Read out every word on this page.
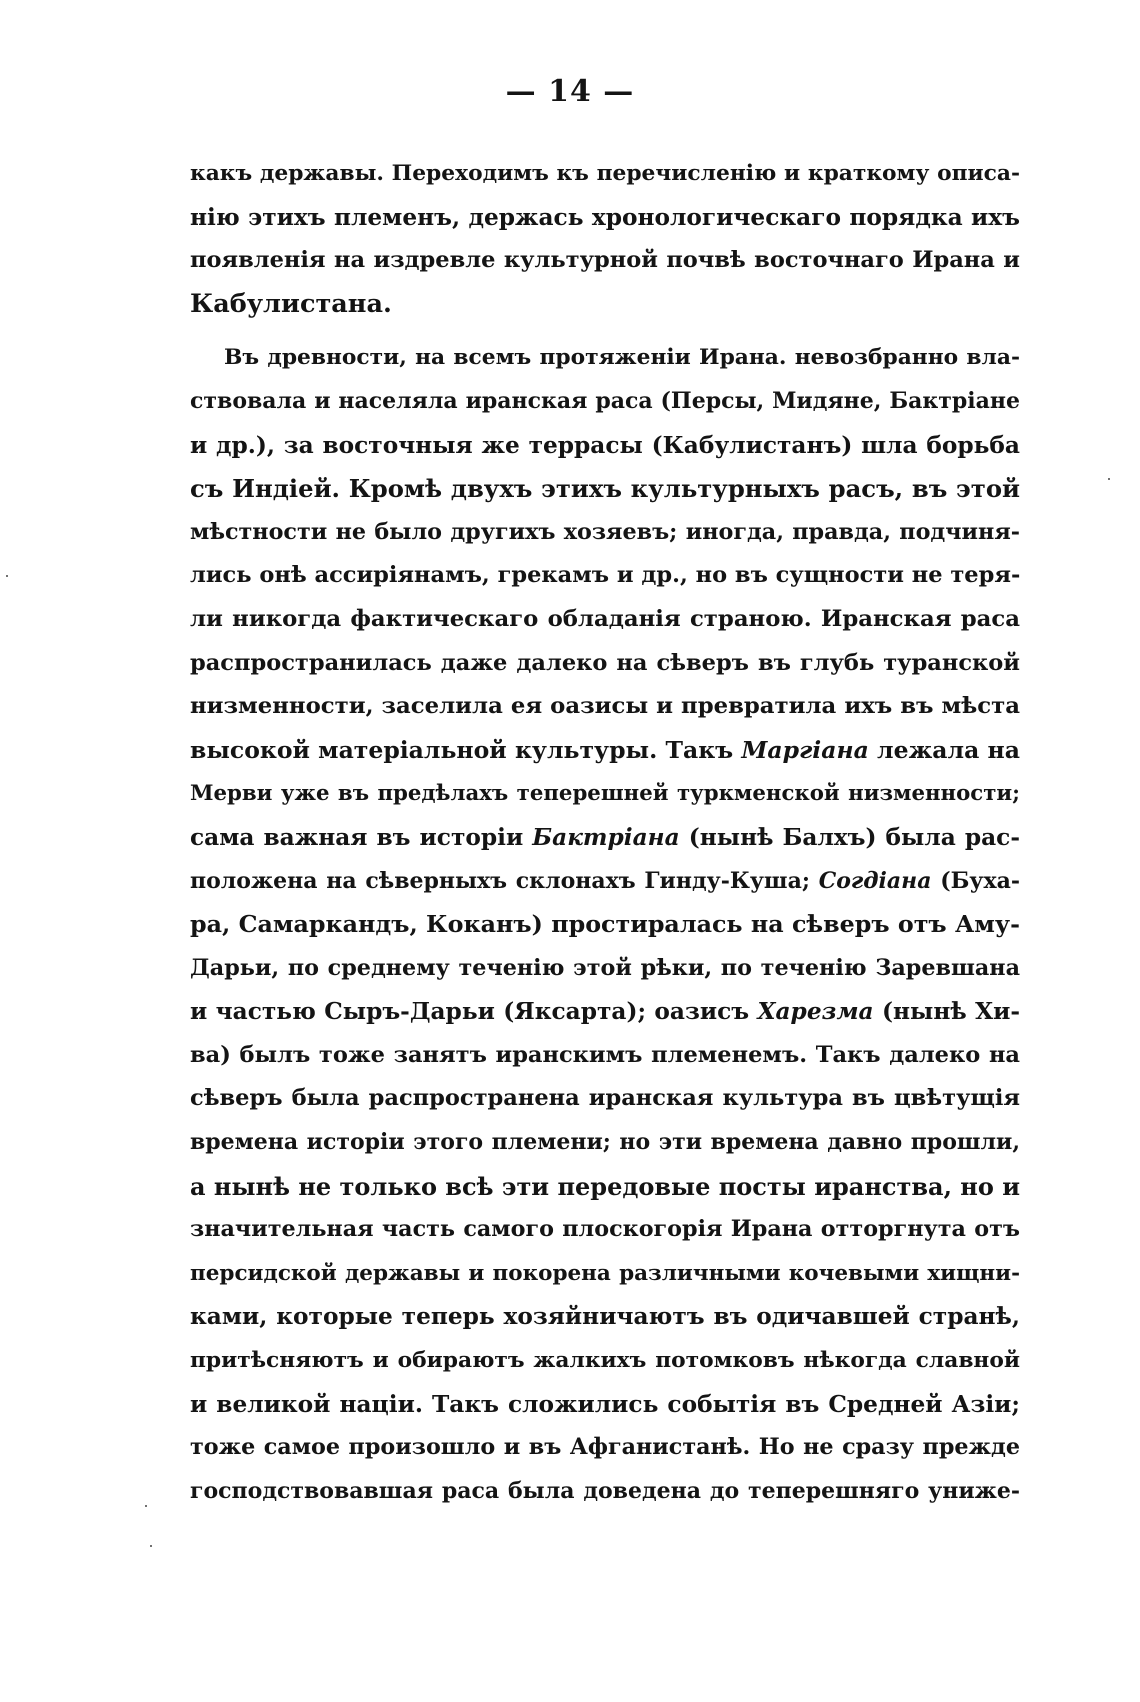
— 14 —
какъ державы. Переходимъ къ перечисленію и краткому описа-
нію этихъ племенъ, держась хронологическаго порядка ихъ
появленія на издревле культурной почвѣ восточнаго Ирана и
Кабулистана.
Въ древности, на всемъ протяженіи Ирана. невозбранно вла-
ствовала и населяла иранская раса (Персы, Мидяне, Бактріане
и др.), за восточныя же террасы (Кабулистанъ) шла борьба
съ Индіей. Кромѣ двухъ этихъ культурныхъ расъ, въ этой
мѣстности не было другихъ хозяевъ; иногда, правда, подчиня-
лись онѣ ассиріянамъ, грекамъ и др., но въ сущности не теря-
ли никогда фактическаго обладанія страною. Иранская раса
распространилась даже далеко на сѣверъ въ глубь туранской
низменности, заселила ея оазисы и превратила ихъ въ мѣста
высокой матеріальной культуры. Такъ Маргіана лежала на
Мерви уже въ предѣлахъ теперешней туркменской низменности;
сама важная въ исторіи Бактріана (нынѣ Балхъ) была рас-
положена на сѣверныхъ склонахъ Гинду-Куша; Согдіана (Буха-
ра, Самаркандъ, Коканъ) простиралась на сѣверъ отъ Аму-
Дарьи, по среднему теченію этой рѣки, по теченію Заревшана
и частью Сыръ-Дарьи (Яксарта); оазисъ Харезма (нынѣ Хи-
ва) былъ тоже занятъ иранскимъ племенемъ. Такъ далеко на
сѣверъ была распространена иранская культура въ цвѣтущія
времена исторіи этого племени; но эти времена давно прошли,
а нынѣ не только всѣ эти передовые посты иранства, но и
значительная часть самого плоскогорія Ирана отторгнута отъ
персидской державы и покорена различными кочевыми хищни-
ками, которые теперь хозяйничаютъ въ одичавшей странѣ,
притѣсняютъ и обираютъ жалкихъ потомковъ нѣкогда славной
и великой націи. Такъ сложились событія въ Средней Азіи;
тоже самое произошло и въ Афганистанѣ. Но не сразу прежде
господствовавшая раса была доведена до теперешняго униже-
